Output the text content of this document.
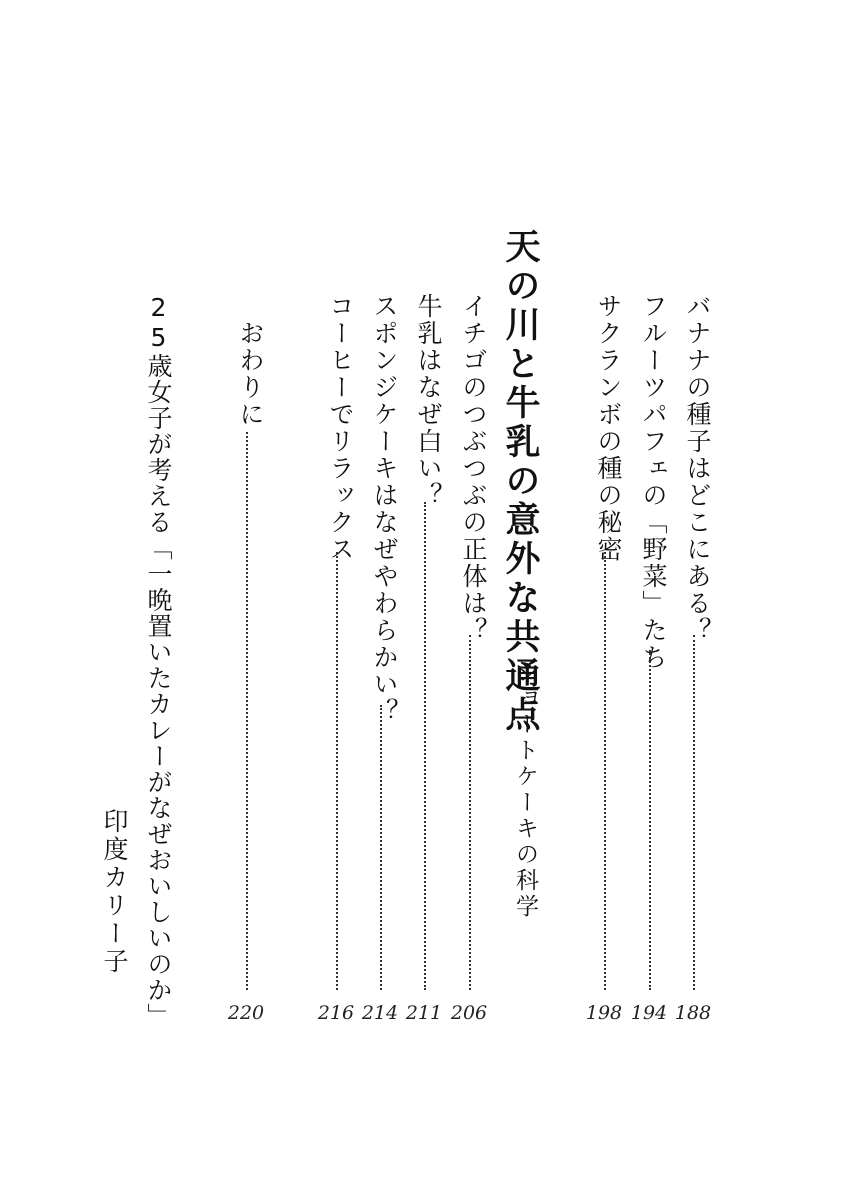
バナナの種子はどこにある？
188
フルーツパフェの「野菜」たち
194
サクランボの種の秘密
198
天の川と牛乳の意外な共通点
ショートケーキの科学
イチゴのつぶつぶの正体は？
206
牛乳はなぜ白い？
211
スポンジケーキはなぜやわらかい？
214
コーヒーでリラックス
216
おわりに
220
25歳女子が考える「一晩置いたカレーがなぜおいしいのか」
印度カリー子
